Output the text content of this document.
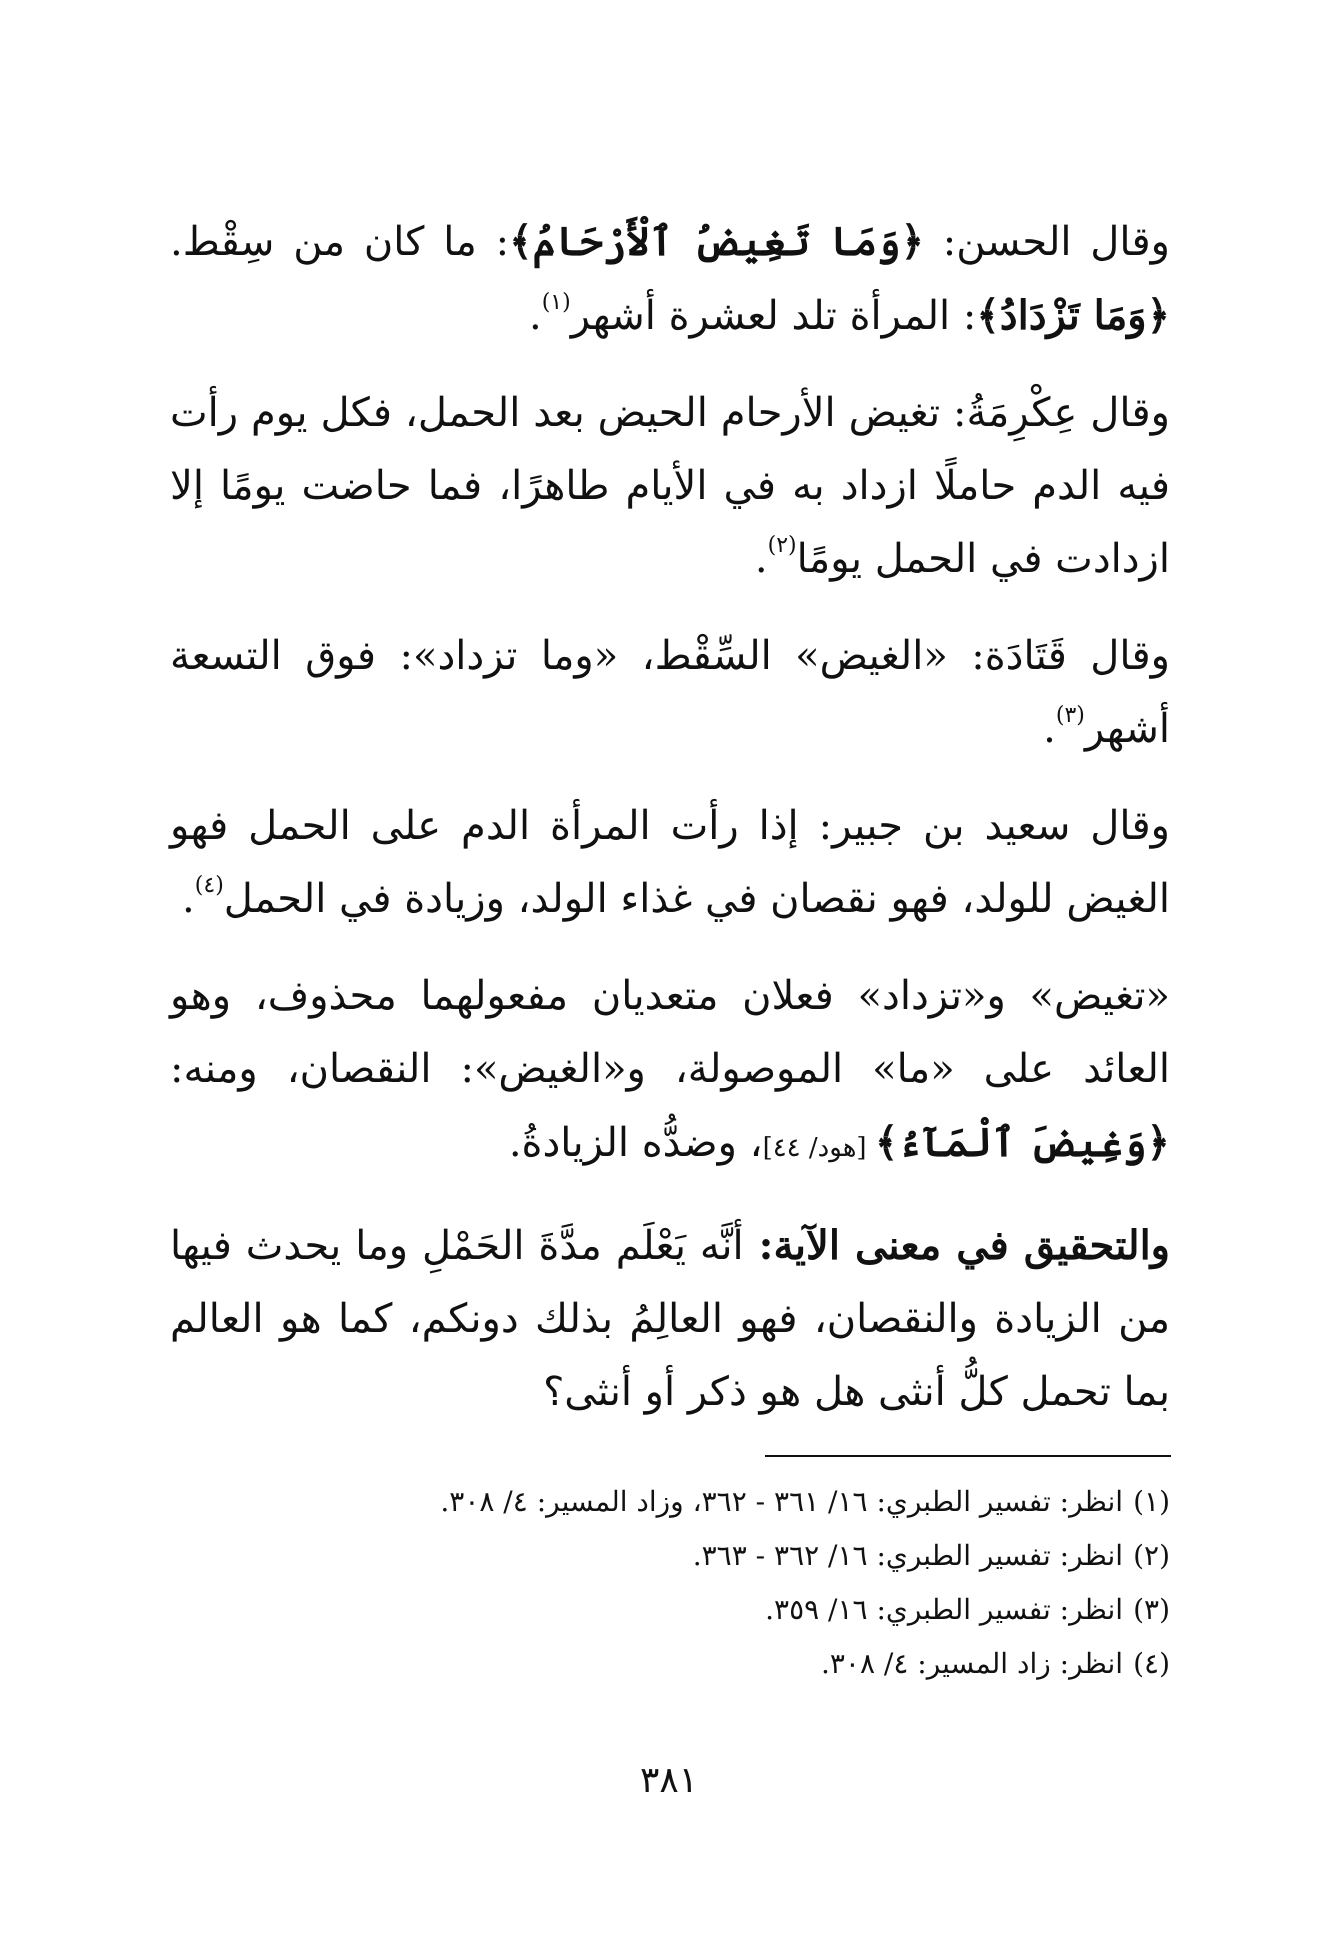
وقال الحسن: ﴿وَمَا تَغِيضُ ٱلْأَرْحَامُ﴾: ما كان من سِقْط. ﴿وَمَا تَزْدَادُ﴾: المرأة تلد لعشرة أشهر$^{(١)}$.

وقال عِكْرِمَةُ: تغيض الأرحام الحيض بعد الحمل، فكل يوم رأت فيه الدم حاملًا ازداد به في الأيام طاهرًا، فما حاضت يومًا إلا ازدادت في الحمل يومًا$^{(٢)}$.

وقال قَتَادَة: «الغيض» السِّقْط، «وما تزداد»: فوق التسعة أشهر$^{(٣)}$.

وقال سعيد بن جبير: إذا رأت المرأة الدم على الحمل فهو الغيض للولد، فهو نقصان في غذاء الولد، وزيادة في الحمل$^{(٤)}$.

«تغيض» و«تزداد» فعلان متعديان مفعولهما محذوف، وهو العائد على «ما» الموصولة، و«الغيض»: النقصان، ومنه: ﴿وَغِيضَ ٱلْمَآءُ﴾ [هود/ ٤٤]، وضدُّه الزيادةُ.

والتحقيق في معنى الآية: أنَّه يَعْلَم مدَّةَ الحَمْلِ وما يحدث فيها من الزيادة والنقصان، فهو العالِمُ بذلك دونكم، كما هو العالم بما تحمل كلُّ أنثى هل هو ذكر أو أنثى؟

(١)انظر: تفسير الطبري: ١٦/ ٣٦١ - ٣٦٢، وزاد المسير: ٤/ ٣٠٨.
(٢)انظر: تفسير الطبري: ١٦/ ٣٦٢ - ٣٦٣.
(٣)انظر: تفسير الطبري: ١٦/ ٣٥٩.
(٤)انظر: زاد المسير: ٤/ ٣٠٨.
٣٨١
